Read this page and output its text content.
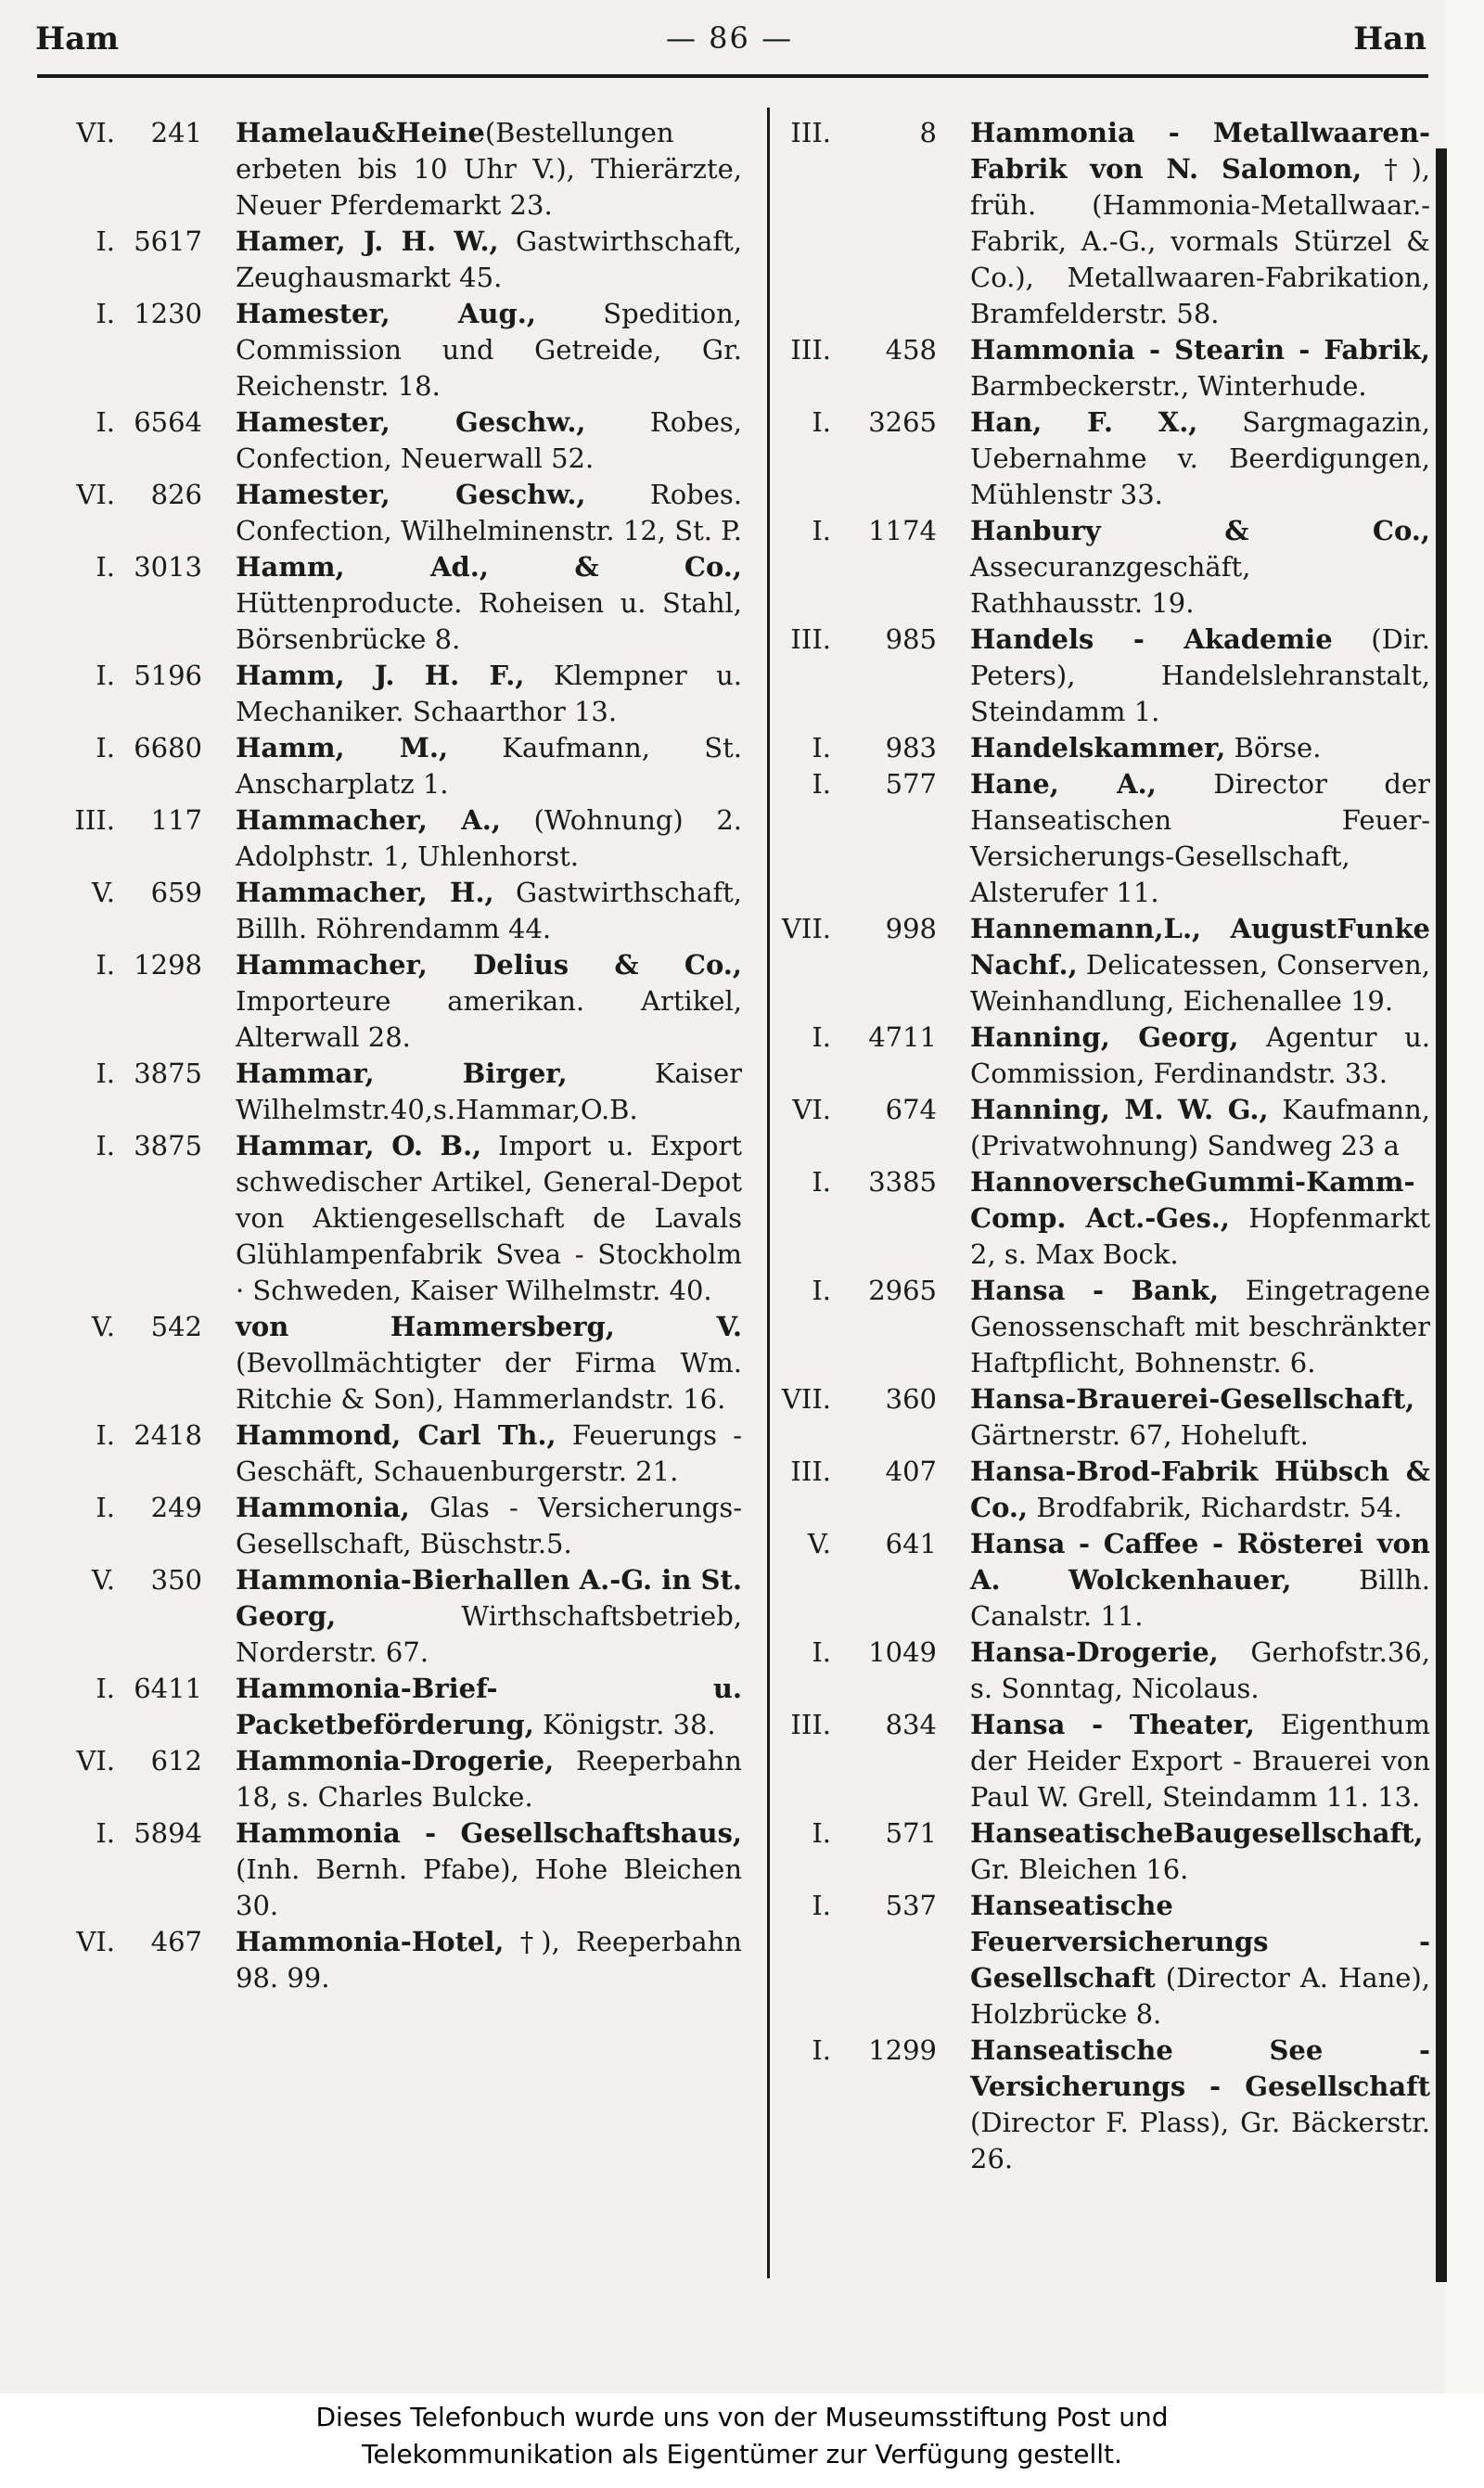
Ham	— 86 —	Han
VI.	241 Hamelau&Heine(Bestellungen erbeten bis 10 Uhr V.), Thierärzte, Neuer Pferdemarkt 23.
I. 5617 Hamer, J. H. W., Gastwirthschaft, Zeughausmarkt 45.
I. 1230 Hamester, Aug., Spedition, Commission und Getreide, Gr. Reichenstr. 18.
I. 6564 Hamester, Geschw., Robes, Confection, Neuerwall 52.
VI.	826 Hamester, Geschw., Robes. Confection, Wilhelminenstr. 12, St. P.
I. 3013 Hamm, Ad., & Co., Hüttenproducte. Roheisen u. Stahl, Börsenbrücke 8.
I. 5196 Hamm, J. H. F., Klempner u. Mechaniker. Schaarthor 13.
I. 6680 Hamm, M., Kaufmann, St. Anscharplatz 1.
III.	117 Hammacher, A., (Wohnung) 2. Adolphstr. 1, Uhlenhorst.
V.	659 Hammacher, H., Gastwirthschaft, Billh. Röhrendamm 44.
I. 1298 Hammacher, Delius & Co., Importeure amerikan. Artikel, Alterwall 28.
I. 3875 Hammar, Birger, Kaiser Wilhelmstr.40,s.Hammar,O.B.
I. 3875 Hammar, O. B., Import u. Export schwedischer Artikel, General-Depot von Aktiengesellschaft de Lavals Glühlampenfabrik Svea - Stockholm · Schweden, Kaiser Wilhelmstr. 40.
V.	542 von Hammersberg, V. (Bevollmächtigter der Firma Wm. Ritchie & Son), Hammerlandstr. 16.
I. 2418 Hammond, Carl Th., Feuerungs - Geschäft, Schauenburgerstr. 21.
I.	249 Hammonia, Glas - Versicherungs-Gesellschaft, Büschstr.5.
V.	350 Hammonia-Bierhallen A.-G. in St. Georg, Wirthschaftsbetrieb, Norderstr. 67.
I. 6411 Hammonia-Brief- u. Packetbeförderung, Königstr. 38.
VI.	612 Hammonia-Drogerie, Reeperbahn 18, s. Charles Bulcke.
I. 5894 Hammonia - Gesellschaftshaus,(Inh. Bernh. Pfabe), Hohe Bleichen 30.
VI.	467 Hammonia-Hotel, †), Reeperbahn 98. 99.
III.	8 Hammonia - Metallwaaren-Fabrik von N. Salomon, †), früh. (Hammonia-Metallwaar.-Fabrik, A.-G., vormals Stürzel & Co.), Metallwaaren-Fabrikation, Bramfelderstr. 58.
III.	458 Hammonia - Stearin - Fabrik, Barmbeckerstr., Winterhude.
I.	3265 Han, F. X., Sargmagazin, Uebernahme v. Beerdigungen, Mühlenstr 33.
I.	1174 Hanbury & Co., Assecuranzgeschäft, Rathhausstr. 19.
III.	985 Handels - Akademie (Dir. Peters), Handelslehranstalt, Steindamm 1.
I.	983 Handelskammer, Börse.
I.	577 Hane, A., Director der Hanseatischen Feuer-Versicherungs-Gesellschaft, Alsterufer 11.
VII.	998 Hannemann,L., AugustFunke Nachf., Delicatessen, Conserven, Weinhandlung, Eichenallee 19.
I.	4711 Hanning, Georg, Agentur u. Commission, Ferdinandstr. 33.
VI.	674 Hanning, M. W. G., Kaufmann, (Privatwohnung) Sandweg 23 a
I.	3385 HannoverscheGummi-Kamm-Comp. Act.-Ges., Hopfenmarkt 2, s. Max Bock.
I.	2965 Hansa - Bank, Eingetragene Genossenschaft mit beschränkter Haftpflicht, Bohnenstr. 6.
VII.	360 Hansa-Brauerei-Gesellschaft, Gärtnerstr. 67, Hoheluft.
III.	407 Hansa-Brod-Fabrik Hübsch & Co., Brodfabrik, Richardstr. 54.
V.	641 Hansa - Caffee - Rösterei von A. Wolckenhauer, Billh. Canalstr. 11.
I.	1049 Hansa-Drogerie, Gerhofstr.36, s. Sonntag, Nicolaus.
III.	834 Hansa - Theater, Eigenthum der Heider Export - Brauerei von Paul W. Grell, Steindamm 11. 13.
I.	571 HanseatischeBaugesellschaft, Gr. Bleichen 16.
I.	537 Hanseatische Feuerversicherungs - Gesellschaft (Director A. Hane), Holzbrücke 8.
I.	1299 Hanseatische See - Versicherungs - Gesellschaft (Director F. Plass), Gr. Bäckerstr. 26.
Dieses Telefonbuch wurde uns von der Museumsstiftung Post und
Telekommunikation als Eigentümer zur Verfügung gestellt.
